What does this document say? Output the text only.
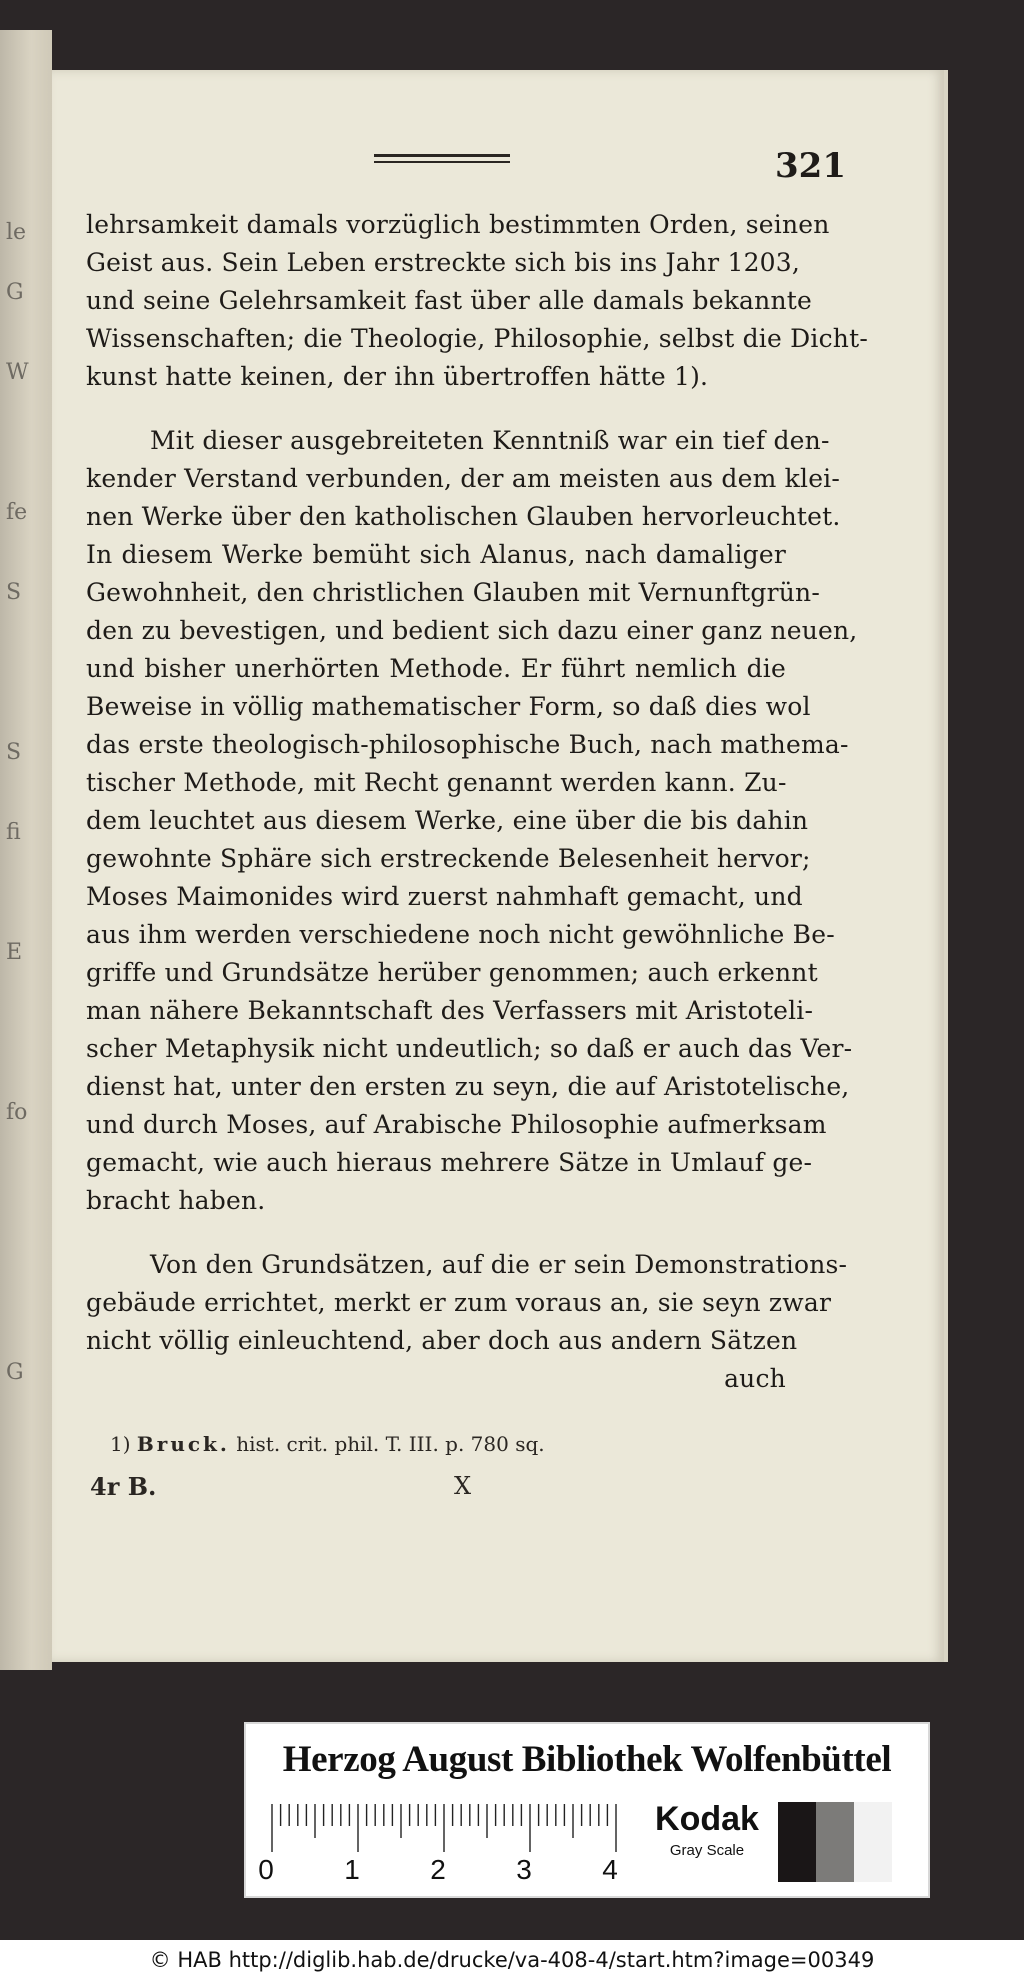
le
G
W
fe
S
S
fi
E
fo
G
321
lehrsamkeit damals vorzüglich bestimmten Orden, seinen
Geist aus. Sein Leben erstreckte sich bis ins Jahr 1203,
und seine Gelehrsamkeit fast über alle damals bekannte
Wissenschaften; die Theologie, Philosophie, selbst die Dicht-
kunst hatte keinen, der ihn übertroffen hätte 1).
Mit dieser ausgebreiteten Kenntniß war ein tief den-
kender Verstand verbunden, der am meisten aus dem klei-
nen Werke über den katholischen Glauben hervorleuchtet.
In diesem Werke bemüht sich Alanus, nach damaliger
Gewohnheit, den christlichen Glauben mit Vernunftgrün-
den zu bevestigen, und bedient sich dazu einer ganz neuen,
und bisher unerhörten Methode. Er führt nemlich die
Beweise in völlig mathematischer Form, so daß dies wol
das erste theologisch-philosophische Buch, nach mathema-
tischer Methode, mit Recht genannt werden kann. Zu-
dem leuchtet aus diesem Werke, eine über die bis dahin
gewohnte Sphäre sich erstreckende Belesenheit hervor;
Moses Maimonides wird zuerst nahmhaft gemacht, und
aus ihm werden verschiedene noch nicht gewöhnliche Be-
griffe und Grundsätze herüber genommen; auch erkennt
man nähere Bekanntschaft des Verfassers mit Aristoteli-
scher Metaphysik nicht undeutlich; so daß er auch das Ver-
dienst hat, unter den ersten zu seyn, die auf Aristotelische,
und durch Moses, auf Arabische Philosophie aufmerksam
gemacht, wie auch hieraus mehrere Sätze in Umlauf ge-
bracht haben.
Von den Grundsätzen, auf die er sein Demonstrations-
gebäude errichtet, merkt er zum voraus an, sie seyn zwar
nicht völlig einleuchtend, aber doch aus andern Sätzen
auch
1) Bruck. hist. crit. phil. T. III. p. 780 sq.
4r B.	X
Herzog August Bibliothek Wolfenbüttel
0	1	2	3	4
Kodak
Gray Scale
© HAB http://diglib.hab.de/drucke/va-408-4/start.htm?image=00349
